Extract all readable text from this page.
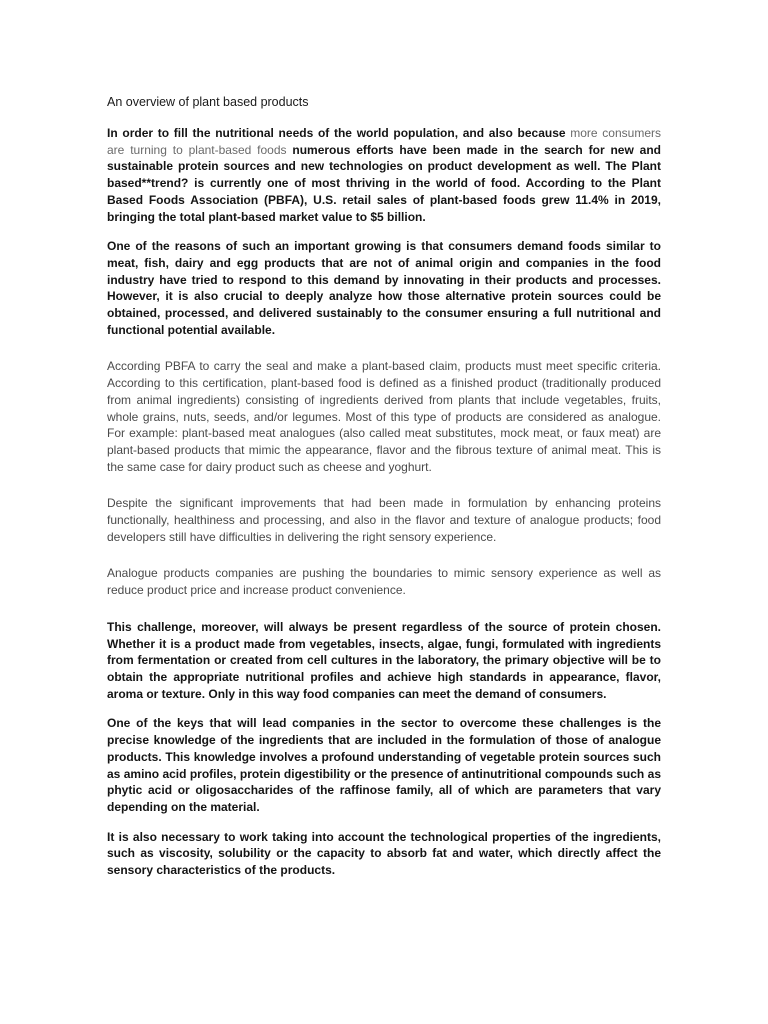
An overview of plant based products

In order to fill the nutritional needs of the world population, and also because more consumers are turning to plant-based foods numerous efforts have been made in the search for new and sustainable protein sources and new technologies on product development as well. The Plant based**trend? is currently one of most thriving in the world of food. According to the Plant Based Foods Association (PBFA), U.S. retail sales of plant-based foods grew 11.4% in 2019, bringing the total plant-based market value to $5 billion.

One of the reasons of such an important growing is that consumers demand foods similar to meat, fish, dairy and egg products that are not of animal origin and companies in the food industry have tried to respond to this demand by innovating in their products and processes. However, it is also crucial to deeply analyze how those alternative protein sources could be obtained, processed, and delivered sustainably to the consumer ensuring a full nutritional and functional potential available.

According PBFA to carry the seal and make a plant-based claim, products must meet specific criteria. According to this certification, plant-based food is defined as a finished product (traditionally produced from animal ingredients) consisting of ingredients derived from plants that include vegetables, fruits, whole grains, nuts, seeds, and/or legumes. Most of this type of products are considered as analogue. For example: plant-based meat analogues (also called meat substitutes, mock meat, or faux meat) are plant-based products that mimic the appearance, flavor and the fibrous texture of animal meat. This is the same case for dairy product such as cheese and yoghurt.

Despite the significant improvements that had been made in formulation by enhancing proteins functionally, healthiness and processing, and also in the flavor and texture of analogue products; food developers still have difficulties in delivering the right sensory experience.

Analogue products companies are pushing the boundaries to mimic sensory experience as well as reduce product price and increase product convenience.

This challenge, moreover, will always be present regardless of the source of protein chosen. Whether it is a product made from vegetables, insects, algae, fungi, formulated with ingredients from fermentation or created from cell cultures in the laboratory, the primary objective will be to obtain the appropriate nutritional profiles and achieve high standards in appearance, flavor, aroma or texture. Only in this way food companies can meet the demand of consumers.

One of the keys that will lead companies in the sector to overcome these challenges is the precise knowledge of the ingredients that are included in the formulation of those of analogue products. This knowledge involves a profound understanding of vegetable protein sources such as amino acid profiles, protein digestibility or the presence of antinutritional compounds such as phytic acid or oligosaccharides of the raffinose family, all of which are parameters that vary depending on the material.

It is also necessary to work taking into account the technological properties of the ingredients, such as viscosity, solubility or the capacity to absorb fat and water, which directly affect the sensory characteristics of the products.
